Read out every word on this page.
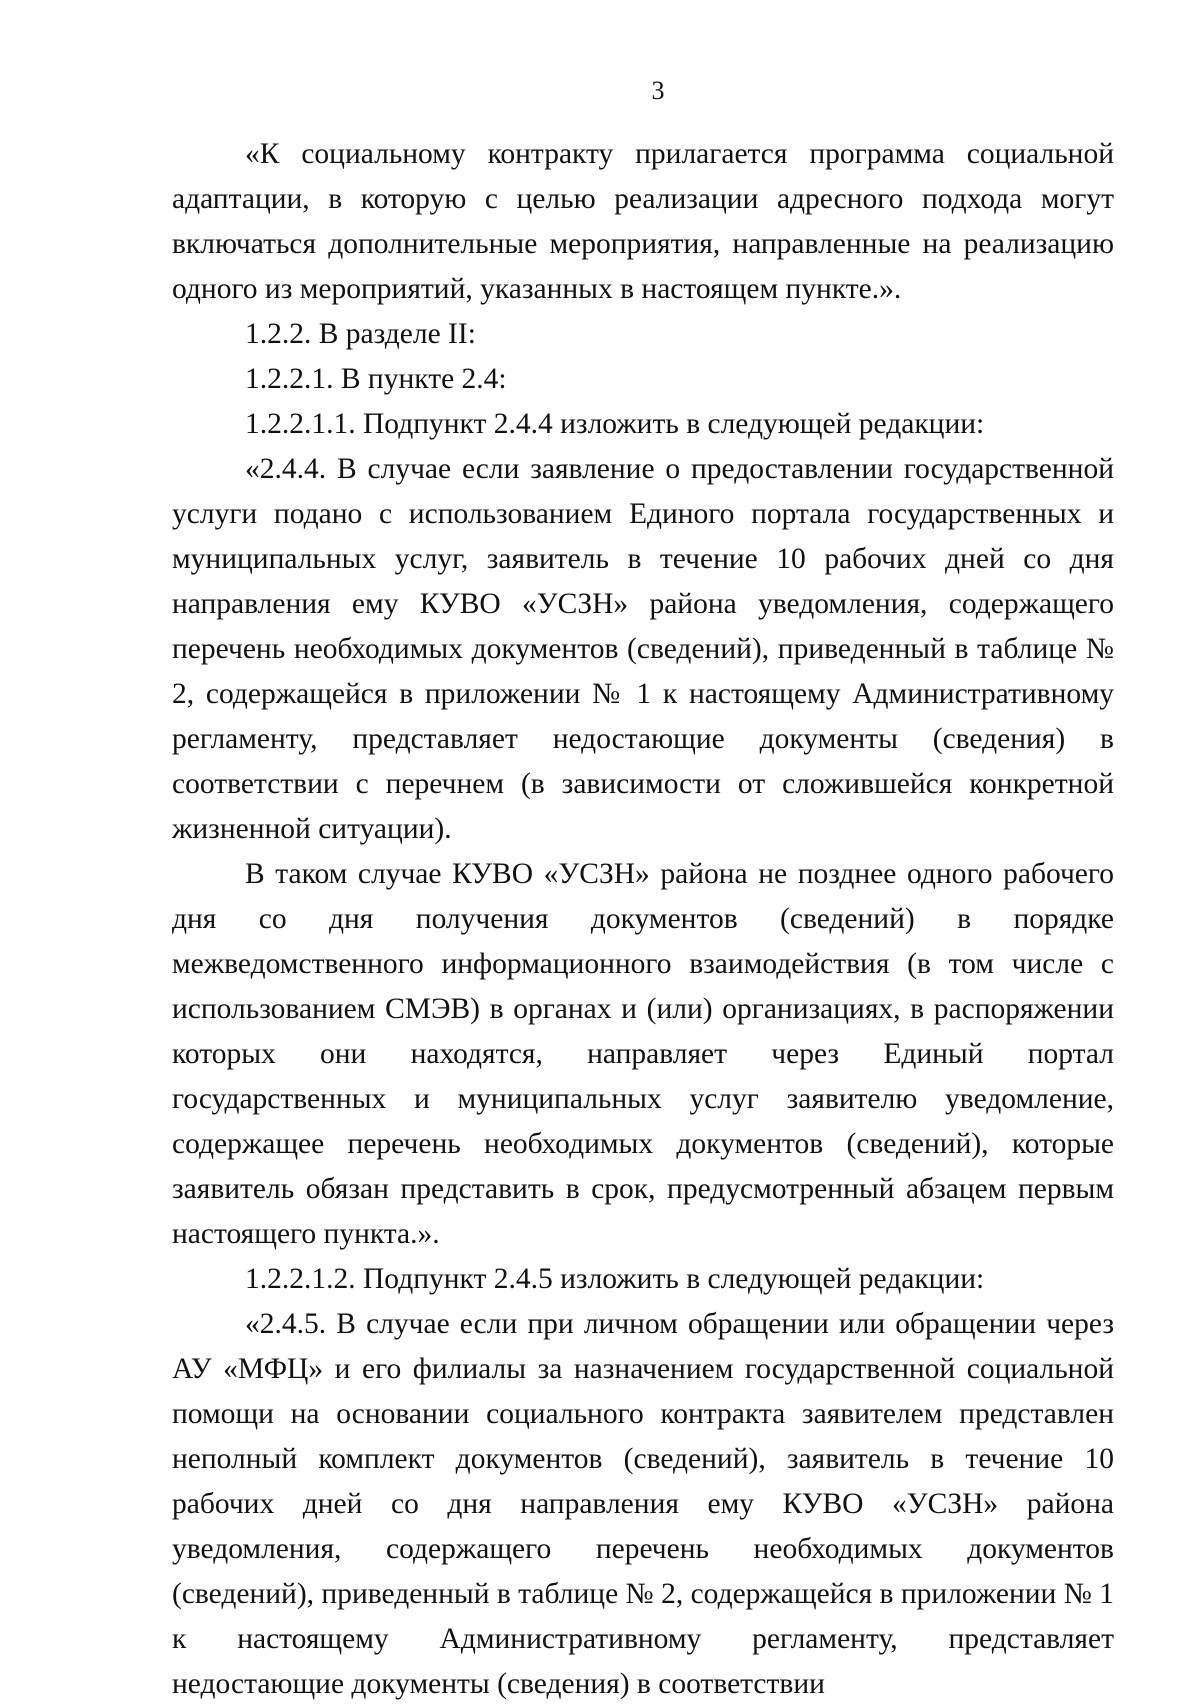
3

«К социальному контракту прилагается программа социальной адаптации, в которую с целью реализации адресного подхода могут включаться дополнительные мероприятия, направленные на реализацию одного из мероприятий, указанных в настоящем пункте.».

1.2.2. В разделе II:

1.2.2.1. В пункте 2.4:

1.2.2.1.1. Подпункт 2.4.4 изложить в следующей редакции:

«2.4.4. В случае если заявление о предоставлении государственной услуги подано с использованием Единого портала государственных и муниципальных услуг, заявитель в течение 10 рабочих дней со дня направления ему КУВО «УСЗН» района уведомления, содержащего перечень необходимых документов (сведений), приведенный в таблице № 2, содержащейся в приложении № 1 к настоящему Административному регламенту, представляет недостающие документы (сведения) в соответствии с перечнем (в зависимости от сложившейся конкретной жизненной ситуации).

В таком случае КУВО «УСЗН» района не позднее одного рабочего дня со дня получения документов (сведений) в порядке межведомственного информационного взаимодействия (в том числе с использованием СМЭВ) в органах и (или) организациях, в распоряжении которых они находятся, направляет через Единый портал государственных и муниципальных услуг заявителю уведомление, содержащее перечень необходимых документов (сведений), которые заявитель обязан представить в срок, предусмотренный абзацем первым настоящего пункта.».

1.2.2.1.2. Подпункт 2.4.5 изложить в следующей редакции:

«2.4.5. В случае если при личном обращении или обращении через АУ «МФЦ» и его филиалы за назначением государственной социальной помощи на основании социального контракта заявителем представлен неполный комплект документов (сведений), заявитель в течение 10 рабочих дней со дня направления ему КУВО «УСЗН» района уведомления, содержащего перечень необходимых документов (сведений), приведенный в таблице № 2, содержащейся в приложении № 1 к настоящему Административному регламенту, представляет недостающие документы (сведения) в соответствии
